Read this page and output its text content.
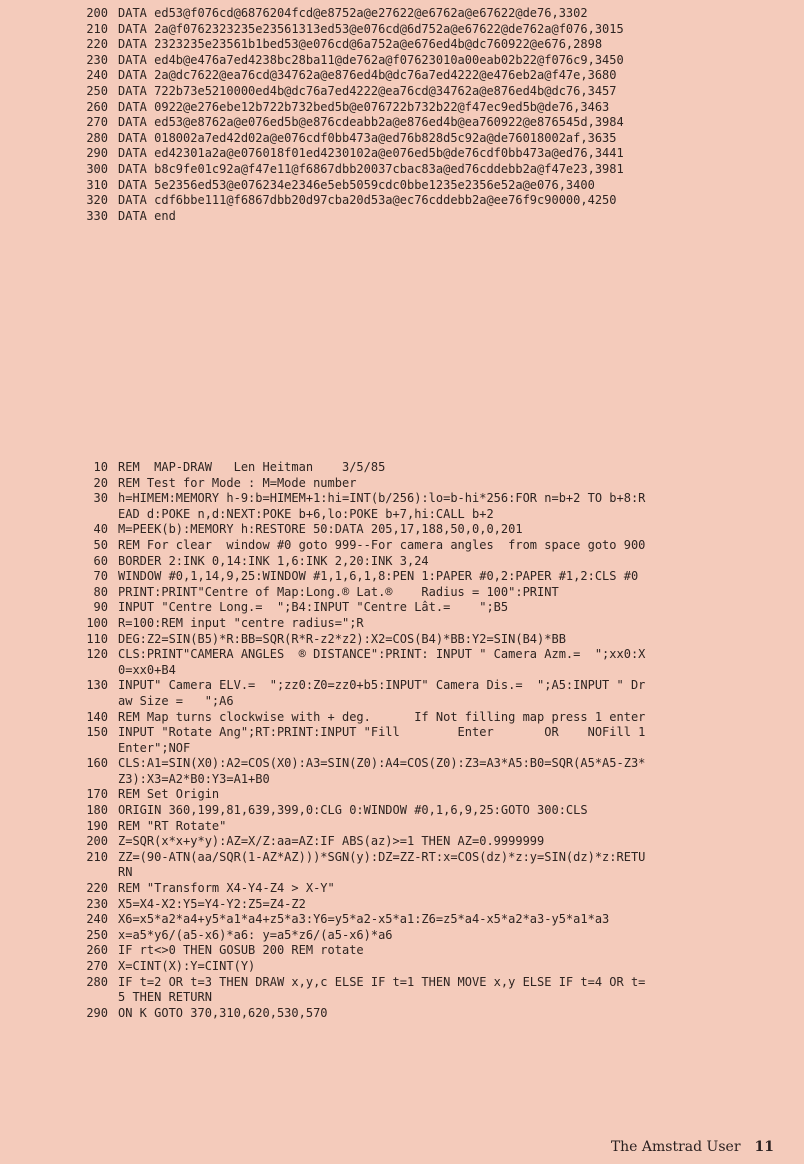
200 DATA ed53@f076cd@6876204fcd@e8752a@e27622@e6762a@e67622@de76,3302
210 DATA 2a@f0762323235e23561313ed53@e076cd@6d752a@e67622@de762a@f076,3015
220 DATA 2323235e23561b1bed53@e076cd@6a752a@e676ed4b@dc760922@e676,2898
230 DATA ed4b@e476a7ed4238bc28ba11@de762a@f07623010a00eab02b22@f076c9,3450
240 DATA 2a@dc7622@ea76cd@34762a@e876ed4b@dc76a7ed4222@e476eb2a@f47e,3680
250 DATA 722b73e5210000ed4b@dc76a7ed4222@ea76cd@34762a@e876ed4b@dc76,3457
260 DATA 0922@e276ebe12b722b732bed5b@e076722b732b22@f47ec9ed5b@de76,3463
270 DATA ed53@e8762a@e076ed5b@e876cdeabb2a@e876ed4b@ea760922@e876545d,3984
280 DATA 018002a7ed42d02a@e076cdf0bb473a@ed76b828d5c92a@de76018002af,3635
290 DATA ed42301a2a@e076018f01ed4230102a@e076ed5b@de76cdf0bb473a@ed76,3441
300 DATA b8c9fe01c92a@f47e11@f6867dbb20037cbac83a@ed76cddebb2a@f47e23,3981
310 DATA 5e2356ed53@e076234e2346e5eb5059cdc0bbe1235e2356e52a@e076,3400
320 DATA cdf6bbe111@f6867dbb20d97cba20d53a@ec76cddebb2a@ee76f9c90000,4250
330 DATA end
10 REM  MAP-DRAW   Len Heitman    3/5/85
20 REM Test for Mode : M=Mode number
30 h=HIMEM:MEMORY h-9:b=HIMEM+1:hi=INT(b/256):lo=b-hi*256:FOR n=b+2 TO b+8:READ d:POKE n,d:NEXT:POKE b+6,lo:POKE b+7,hi:CALL b+2
40 M=PEEK(b):MEMORY h:RESTORE 50:DATA 205,17,188,50,0,0,201
50 REM For clear  window #0 goto 999--For camera angles  from space goto 900
60 BORDER 2:INK 0,14:INK 1,6:INK 2,20:INK 3,24
70 WINDOW #0,1,14,9,25:WINDOW #1,1,6,1,8:PEN 1:PAPER #0,2:PAPER #1,2:CLS #0
80 PRINT:PRINT"Centre of Map:Long.® Lat.®    Radius = 100":PRINT
90 INPUT "Centre Long.=  ";B4:INPUT "Centre Lât.=    ";B5
100 R=100:REM input "centre radius=";R
110 DEG:Z2=SIN(B5)*R:BB=SQR(R*R-z2*z2):X2=COS(B4)*BB:Y2=SIN(B4)*BB
120 CLS:PRINT"CAMERA ANGLES  ® DISTANCE":PRINT: INPUT " Camera Azm.=  ";xx0:X0=xx0+B4
130 INPUT" Camera ELV.=  ";zz0:Z0=zz0+b5:INPUT" Camera Dis.=  ";A5:INPUT " Draw Size =   ";A6
140 REM Map turns clockwise with + deg.      If Not filling map press 1 enter
150 INPUT "Rotate Ang";RT:PRINT:INPUT "Fill        Enter       OR    NOFill 1 Enter";NOF
160 CLS:A1=SIN(X0):A2=COS(X0):A3=SIN(Z0):A4=COS(Z0):Z3=A3*A5:B0=SQR(A5*A5-Z3*Z3):X3=A2*B0:Y3=A1+B0
170 REM Set Origin
180 ORIGIN 360,199,81,639,399,0:CLG 0:WINDOW #0,1,6,9,25:GOTO 300:CLS
190 REM "RT Rotate"
200 Z=SQR(x*x+y*y):AZ=X/Z:aa=AZ:IF ABS(az)>=1 THEN AZ=0.9999999
210 ZZ=(90-ATN(aa/SQR(1-AZ*AZ)))*SGN(y):DZ=ZZ-RT:x=COS(dz)*z:y=SIN(dz)*z:RETURN
220 REM "Transform X4-Y4-Z4 > X-Y"
230 X5=X4-X2:Y5=Y4-Y2:Z5=Z4-Z2
240 X6=x5*a2*a4+y5*a1*a4+z5*a3:Y6=y5*a2-x5*a1:Z6=z5*a4-x5*a2*a3-y5*a1*a3
250 x=a5*y6/(a5-x6)*a6: y=a5*z6/(a5-x6)*a6
260 IF rt<>0 THEN GOSUB 200 REM rotate
270 X=CINT(X):Y=CINT(Y)
280 IF t=2 OR t=3 THEN DRAW x,y,c ELSE IF t=1 THEN MOVE x,y ELSE IF t=4 OR t=5 THEN RETURN
290 ON K GOTO 370,310,620,530,570
The Amstrad User 11
